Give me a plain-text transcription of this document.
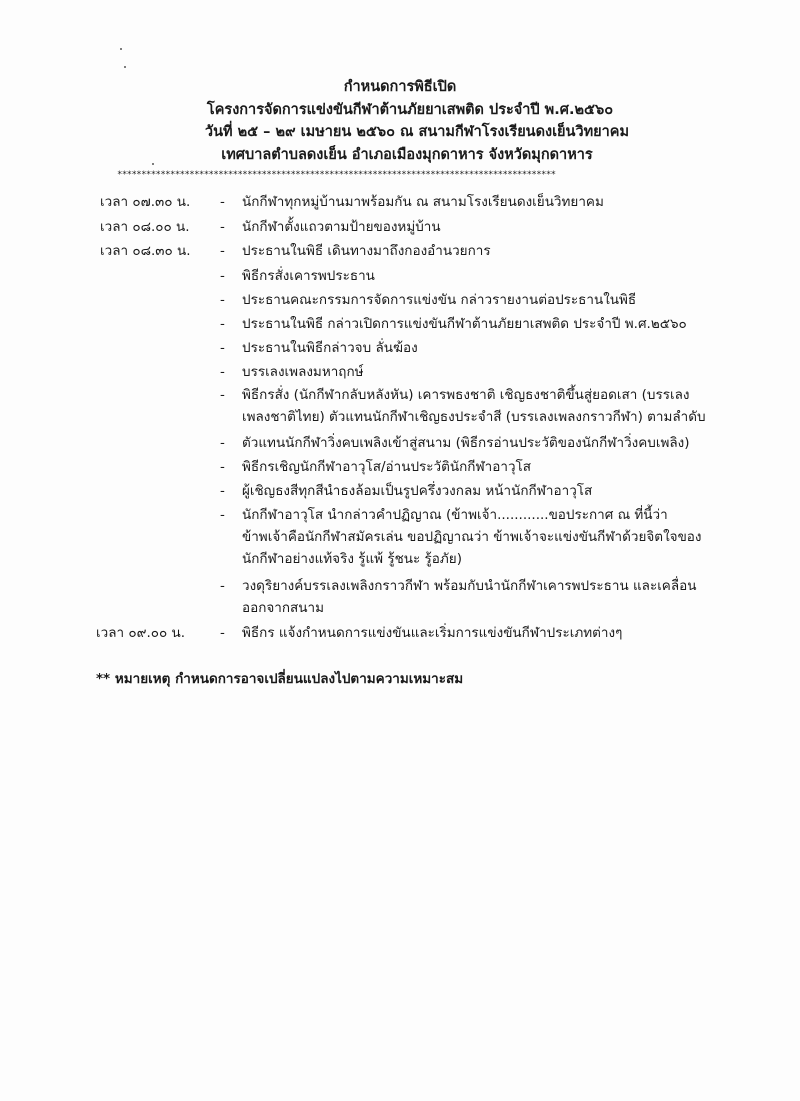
กำหนดการพิธีเปิด
โครงการจัดการแข่งขันกีฬาต้านภัยยาเสพติด ประจำปี พ.ศ.๒๕๖๐
วันที่ ๒๕ – ๒๙ เมษายน ๒๕๖๐ ณ สนามกีฬาโรงเรียนดงเย็นวิทยาคม
เทศบาลตำบลดงเย็น อำเภอเมืองมุกดาหาร จังหวัดมุกดาหาร
*******************************************************************************************
เวลา ๐๗.๓๐ น.	-	นักกีฬาทุกหมู่บ้านมาพร้อมกัน ณ สนามโรงเรียนดงเย็นวิทยาคม
เวลา ๐๘.๐๐ น.	-	นักกีฬาตั้งแถวตามป้ายของหมู่บ้าน
เวลา ๐๘.๓๐ น.	-	ประธานในพิธี เดินทางมาถึงกองอำนวยการ
-	พิธีกรสั่งเคารพประธาน
-	ประธานคณะกรรมการจัดการแข่งขัน กล่าวรายงานต่อประธานในพิธี
-	ประธานในพิธี กล่าวเปิดการแข่งขันกีฬาต้านภัยยาเสพติด ประจำปี พ.ศ.๒๕๖๐
-	ประธานในพิธีกล่าวจบ ลั่นฆ้อง
-	บรรเลงเพลงมหาฤกษ์
-	พิธีกรสั่ง (นักกีฬากลับหลังหัน) เคารพธงชาติ เชิญธงชาติขึ้นสู่ยอดเสา (บรรเลงเพลงชาติไทย) ตัวแทนนักกีฬาเชิญธงประจำสี (บรรเลงเพลงกราวกีฬา) ตามลำดับ
-	ตัวแทนนักกีฬาวิ่งคบเพลิงเข้าสู่สนาม (พิธีกรอ่านประวัติของนักกีฬาวิ่งคบเพลิง)
-	พิธีกรเชิญนักกีฬาอาวุโส/อ่านประวัตินักกีฬาอาวุโส
-	ผู้เชิญธงสีทุกสีนำธงล้อมเป็นรูปครึ่งวงกลม หน้านักกีฬาอาวุโส
-	นักกีฬาอาวุโส นำกล่าวคำปฏิญาณ (ข้าพเจ้า............ขอประกาศ ณ ที่นี้ว่า ข้าพเจ้าคือนักกีฬาสมัครเล่น ขอปฏิญาณว่า ข้าพเจ้าจะแข่งขันกีฬาด้วยจิตใจของนักกีฬาอย่างแท้จริง รู้แพ้ รู้ชนะ รู้อภัย)
-	วงดุริยางค์บรรเลงเพลิงกราวกีฬา พร้อมกับนำนักกีฬาเคารพประธาน และเคลื่อนออกจากสนาม
เวลา ๐๙.๐๐ น.	-	พิธีกร แจ้งกำหนดการแข่งขันและเริ่มการแข่งขันกีฬาประเภทต่างๆ
** หมายเหตุ กำหนดการอาจเปลี่ยนแปลงไปตามความเหมาะสม
